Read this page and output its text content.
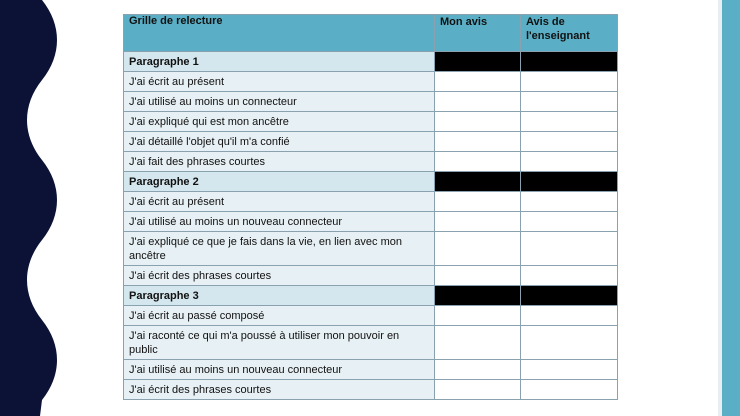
Grille de relecture	Mon avis	Avis de l'enseignant
Paragraphe 1		
J'ai écrit au présent		
J'ai utilisé au moins un connecteur		
J'ai expliqué qui est mon ancêtre		
J'ai détaillé l'objet qu'il m'a confié		
J'ai fait des phrases courtes		
Paragraphe 2		
J'ai écrit au présent		
J'ai utilisé au moins un nouveau connecteur		
J'ai expliqué ce que je fais dans la vie, en lien avec mon ancêtre		
J'ai écrit des phrases courtes		
Paragraphe 3		
J'ai écrit au passé composé		
J'ai raconté ce qui m'a poussé à utiliser mon pouvoir en public		
J'ai utilisé au moins un nouveau connecteur		
J'ai écrit des phrases courtes		
